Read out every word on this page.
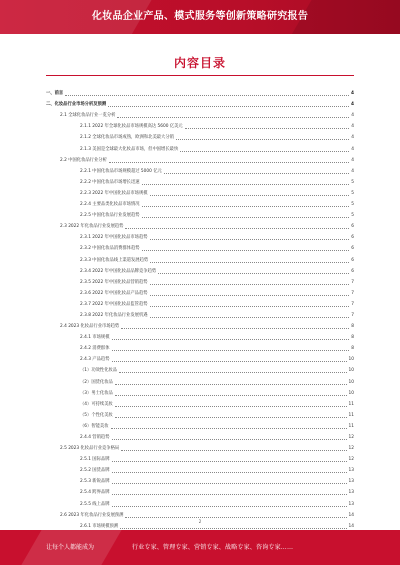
化妆品企业产品、模式服务等创新策略研究报告
内容目录
一、前言	4
二、化妆品行业市场分析及预测	4
2.1 全球化妆品行业一览分析	4
2.1.1 2022 年全球化妆品市场规模高达 5600 亿美元	4
2.1.2 全球化妆品市场成熟，欧洲和北美最大分销	4
2.1.3 美国是全球最大化妆品市场，但中国增长最快	4
2.2 中国化妆品行业分析	4
2.2.1 中国化妆品市场规模超过 5000 亿元	4
2.2.2 中国化妆品市场增长迅速	5
2.2.3 2022 年中国化妆品市场规模	5
2.2.4 主要品类化妆品市场情况	5
2.2.5 中国化妆品行业发展趋势	5
2.3 2022 年化妆品行业发展趋势	6
2.3.1 2022 年中国化妆品市场趋势	6
2.3.2 中国化妆品消费群体趋势	6
2.3.3 中国化妆品线上渠道发展趋势	6
2.3.4 2022 年中国化妆品品牌竞争趋势	6
2.3.5 2022 年中国化妆品营销趋势	7
2.3.6 2022 年中国化妆品产品趋势	7
2.3.7 2022 年中国化妆品监管趋势	7
2.3.8 2022 年化妆品行业发展机遇	7
2.4 2023 化妆品行业市场趋势	8
2.4.1 市场规模	8
2.4.2 消费群体	8
2.4.3 产品趋势	10
（1）功效性化妆品	10
（2）国货化妆品	10
（3）男士化妆品	10
（4）可持续美妆	11
（5）个性化美妆	11
（6）智能美妆	11
2.4.4 营销趋势	12
2.5 2023 化妆品行业竞争格局	12
2.5.1 国际品牌	12
2.5.2 国货品牌	13
2.5.3 新锐品牌	13
2.5.4 跨界品牌	13
2.5.5 线上品牌	13
2.6 2023 年化妆品行业发展预测	14
2.6.1 市场规模预测	14
2
让每个人都能成为	行业专家、管理专家、营销专家、战略专家、咨询专家……
